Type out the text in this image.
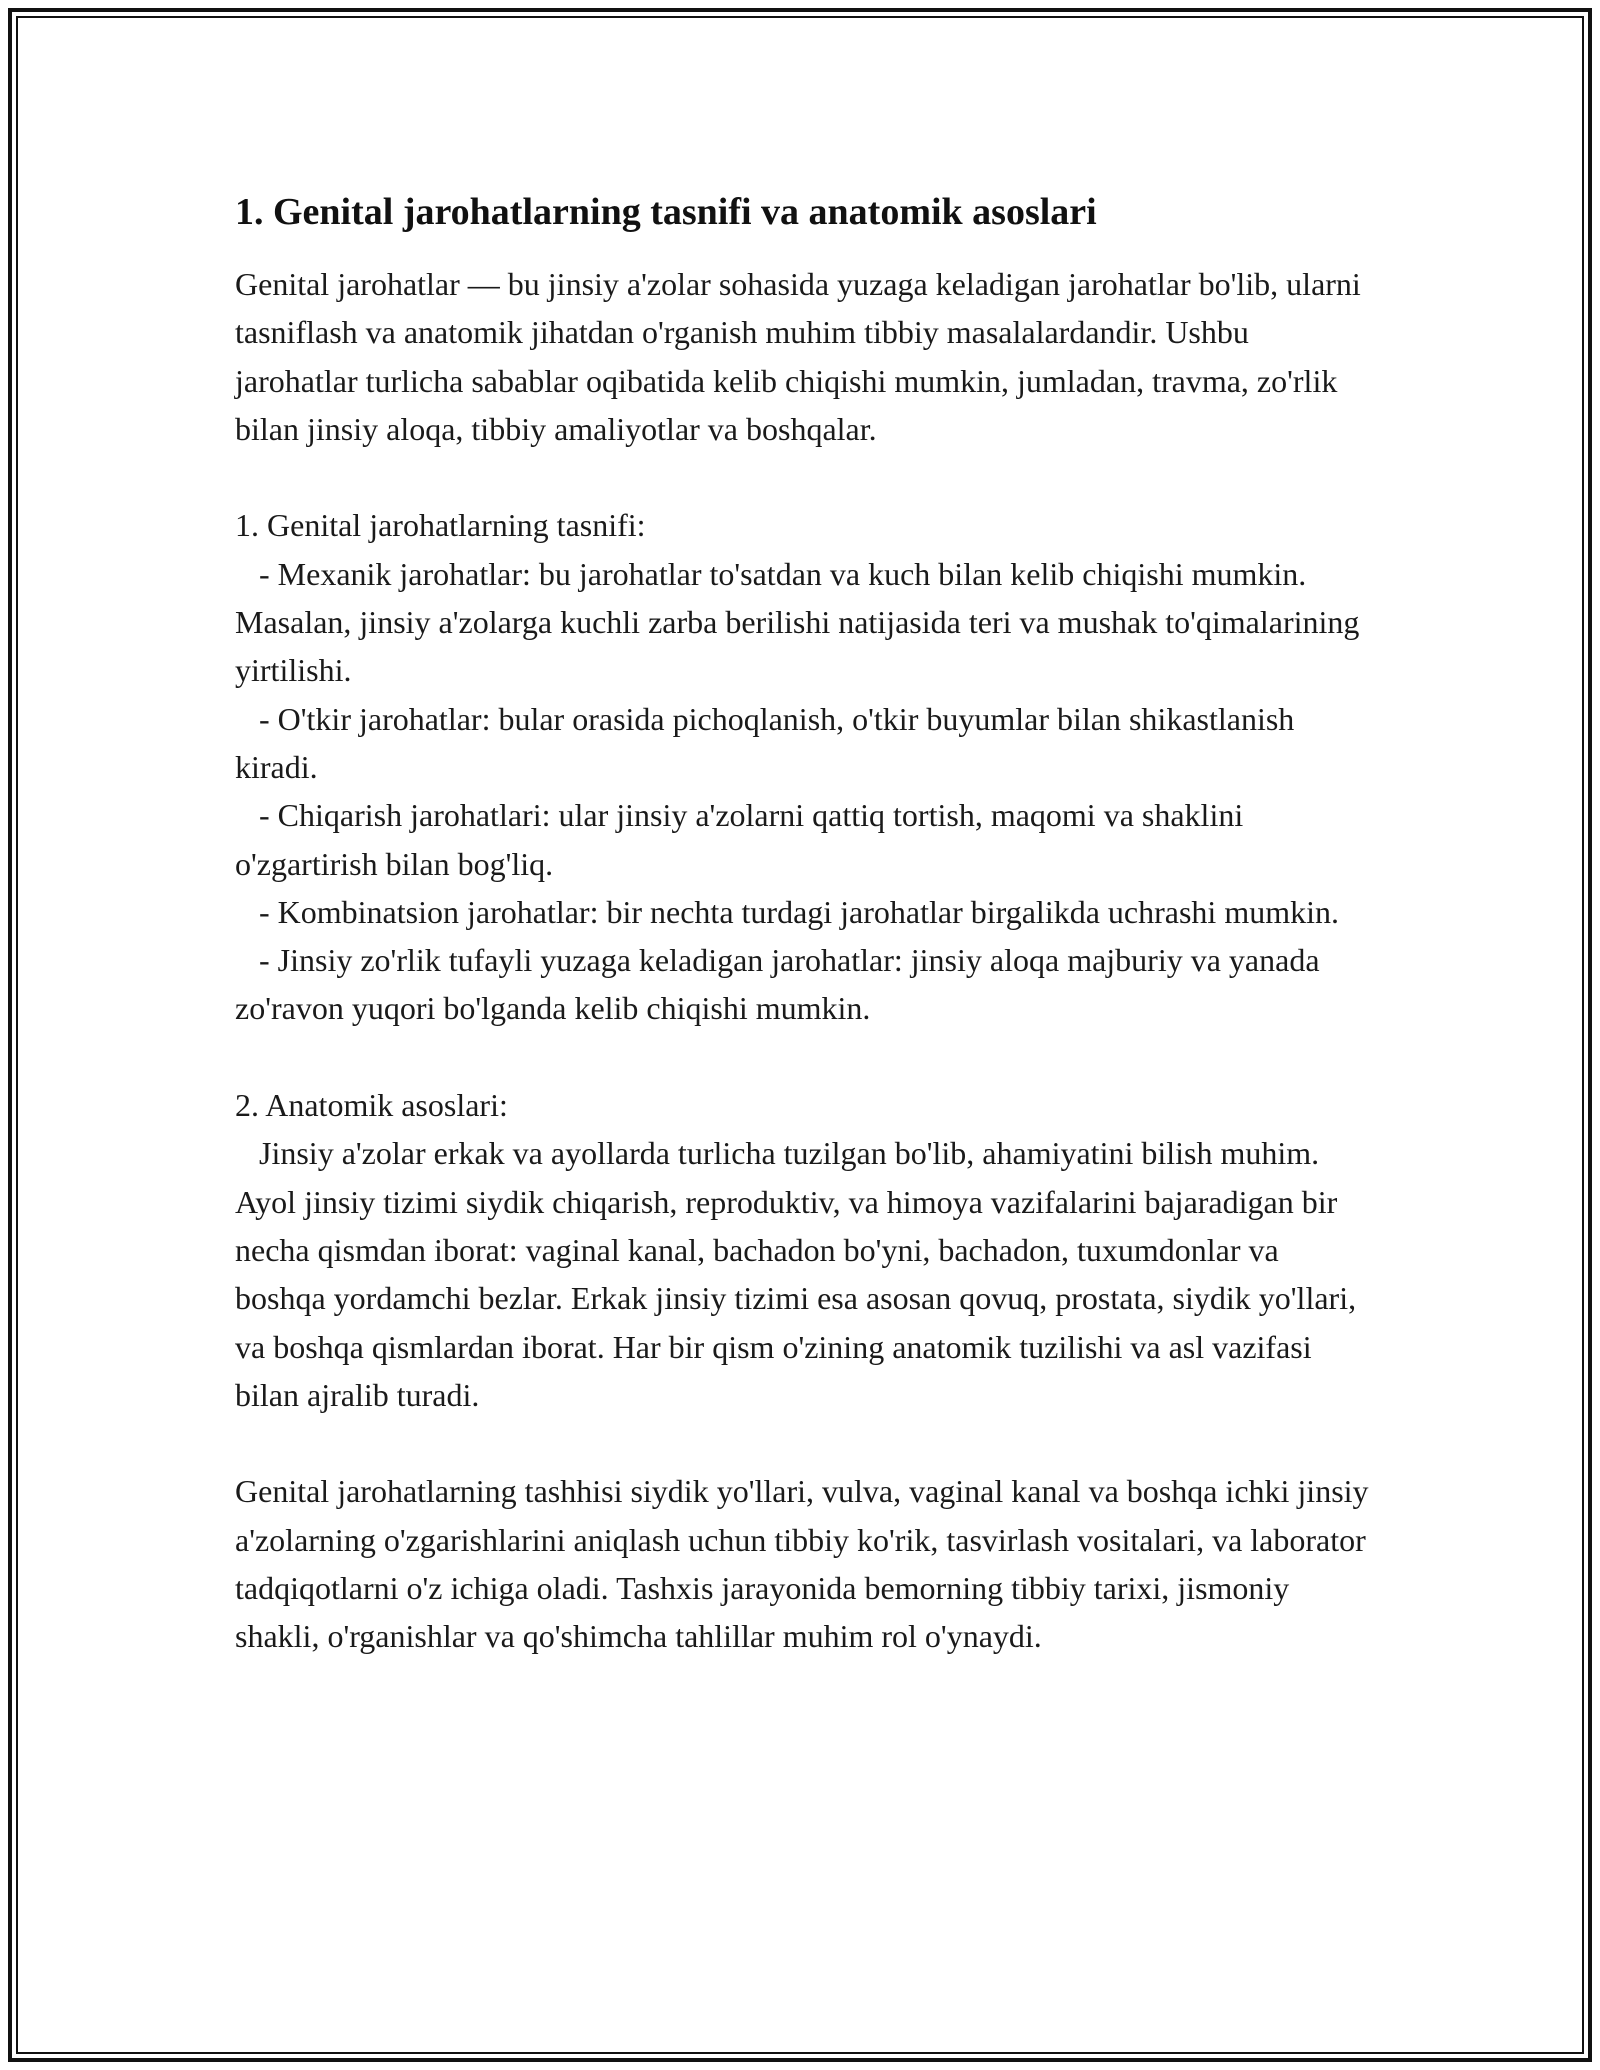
1. Genital jarohatlarning tasnifi va anatomik asoslari
Genital jarohatlar — bu jinsiy a'zolar sohasida yuzaga keladigan jarohatlar bo'lib, ularni tasniflash va anatomik jihatdan o'rganish muhim tibbiy masalalardandir. Ushbu jarohatlar turlicha sabablar oqibatida kelib chiqishi mumkin, jumladan, travma, zo'rlik bilan jinsiy aloqa, tibbiy amaliyotlar va boshqalar.

1. Genital jarohatlarning tasnifi:
- Mexanik jarohatlar: bu jarohatlar to'satdan va kuch bilan kelib chiqishi mumkin. Masalan, jinsiy a'zolarga kuchli zarba berilishi natijasida teri va mushak to'qimalarining yirtilishi.
- O'tkir jarohatlar: bular orasida pichoqlanish, o'tkir buyumlar bilan shikastlanish kiradi.
- Chiqarish jarohatlari: ular jinsiy a'zolarni qattiq tortish, maqomi va shaklini o'zgartirish bilan bog'liq.
- Kombinatsion jarohatlar: bir nechta turdagi jarohatlar birgalikda uchrashi mumkin.
- Jinsiy zo'rlik tufayli yuzaga keladigan jarohatlar: jinsiy aloqa majburiy va yanada zo'ravon yuqori bo'lganda kelib chiqishi mumkin.

2. Anatomik asoslari:
Jinsiy a'zolar erkak va ayollarda turlicha tuzilgan bo'lib, ahamiyatini bilish muhim. Ayol jinsiy tizimi siydik chiqarish, reproduktiv, va himoya vazifalarini bajaradigan bir necha qismdan iborat: vaginal kanal, bachadon bo'yni, bachadon, tuxumdonlar va boshqa yordamchi bezlar. Erkak jinsiy tizimi esa asosan qovuq, prostata, siydik yo'llari, va boshqa qismlardan iborat. Har bir qism o'zining anatomik tuzilishi va asl vazifasi bilan ajralib turadi.

Genital jarohatlarning tashhisi siydik yo'llari, vulva, vaginal kanal va boshqa ichki jinsiy a'zolarning o'zgarishlarini aniqlash uchun tibbiy ko'rik, tasvirlash vositalari, va laborator tadqiqotlarni o'z ichiga oladi. Tashxis jarayonida bemorning tibbiy tarixi, jismoniy shakli, o'rganishlar va qo'shimcha tahlillar muhim rol o'ynaydi.
